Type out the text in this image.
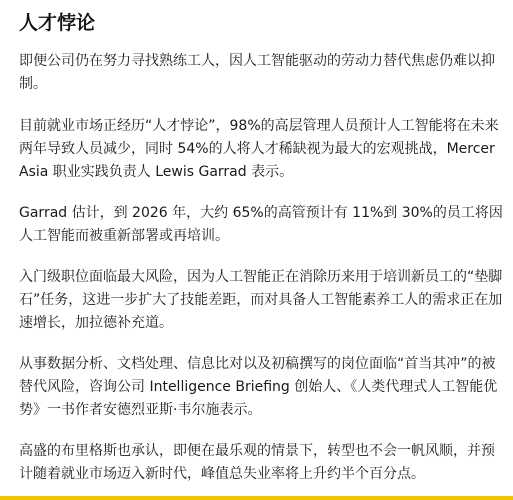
人才悖论

即便公司仍在努力寻找熟练工人，因人工智能驱动的劳动力替代焦虑仍难以抑制。

目前就业市场正经历“人才悖论”，98%的高层管理人员预计人工智能将在未来两年导致人员减少，同时 54%的人将人才稀缺视为最大的宏观挑战，Mercer Asia 职业实践负责人 Lewis Garrad 表示。

Garrad 估计，到 2026 年，大约 65%的高管预计有 11%到 30%的员工将因人工智能而被重新部署或再培训。

入门级职位面临最大风险，因为人工智能正在消除历来用于培训新员工的“垫脚石”任务，这进一步扩大了技能差距，而对具备人工智能素养工人的需求正在加速增长，加拉德补充道。

从事数据分析、文档处理、信息比对以及初稿撰写的岗位面临“首当其冲”的被替代风险，咨询公司 Intelligence Briefing 创始人、《人类代理式人工智能优势》一书作者安德烈亚斯·韦尔施表示。

高盛的布里格斯也承认，即便在最乐观的情景下，转型也不会一帆风顺，并预计随着就业市场迈入新时代，峰值总失业率将上升约半个百分点。
